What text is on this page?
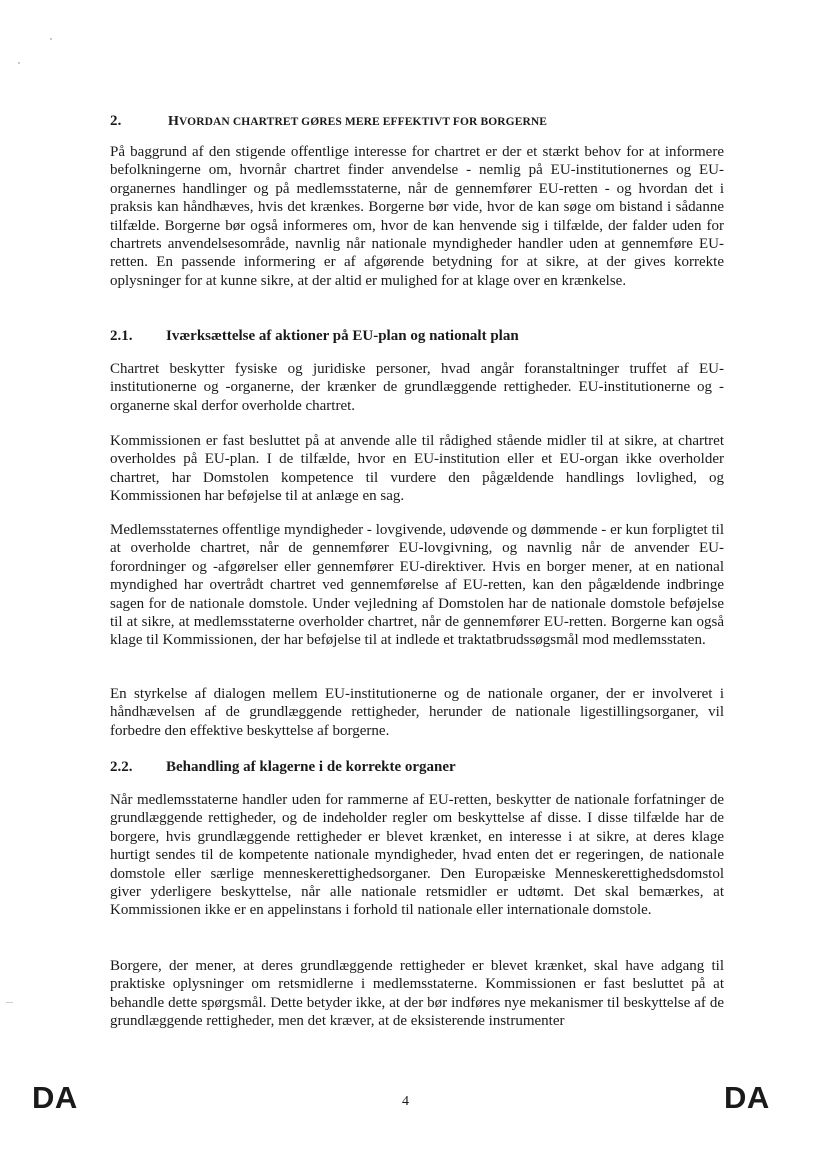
2.	HVORDAN CHARTRET GØRES MERE EFFEKTIVT FOR BORGERNE

På baggrund af den stigende offentlige interesse for chartret er der et stærkt behov for at informere befolkningerne om, hvornår chartret finder anvendelse - nemlig på EU-institutionernes og EU-organernes handlinger og på medlemsstaterne, når de gennemfører EU-retten - og hvordan det i praksis kan håndhæves, hvis det krænkes. Borgerne bør vide, hvor de kan søge om bistand i sådanne tilfælde. Borgerne bør også informeres om, hvor de kan henvende sig i tilfælde, der falder uden for chartrets anvendelsesområde, navnlig når nationale myndigheder handler uden at gennemføre EU-retten. En passende informering er af afgørende betydning for at sikre, at der gives korrekte oplysninger for at kunne sikre, at der altid er mulighed for at klage over en krænkelse.

2.1. Iværksættelse af aktioner på EU-plan og nationalt plan

Chartret beskytter fysiske og juridiske personer, hvad angår foranstaltninger truffet af EU-institutionerne og -organerne, der krænker de grundlæggende rettigheder. EU-institutionerne og -organerne skal derfor overholde chartret.

Kommissionen er fast besluttet på at anvende alle til rådighed stående midler til at sikre, at chartret overholdes på EU-plan. I de tilfælde, hvor en EU-institution eller et EU-organ ikke overholder chartret, har Domstolen kompetence til vurdere den pågældende handlings lovlighed, og Kommissionen har beføjelse til at anlæge en sag.

Medlemsstaternes offentlige myndigheder - lovgivende, udøvende og dømmende - er kun forpligtet til at overholde chartret, når de gennemfører EU-lovgivning, og navnlig når de anvender EU-forordninger og -afgørelser eller gennemfører EU-direktiver. Hvis en borger mener, at en national myndighed har overtrådt chartret ved gennemførelse af EU-retten, kan den pågældende indbringe sagen for de nationale domstole. Under vejledning af Domstolen har de nationale domstole beføjelse til at sikre, at medlemsstaterne overholder chartret, når de gennemfører EU-retten. Borgerne kan også klage til Kommissionen, der har beføjelse til at indlede et traktatbrudssøgsmål mod medlemsstaten.

En styrkelse af dialogen mellem EU-institutionerne og de nationale organer, der er involveret i håndhævelsen af de grundlæggende rettigheder, herunder de nationale ligestillingsorganer, vil forbedre den effektive beskyttelse af borgerne.

2.2. Behandling af klagerne i de korrekte organer

Når medlemsstaterne handler uden for rammerne af EU-retten, beskytter de nationale forfatninger de grundlæggende rettigheder, og de indeholder regler om beskyttelse af disse. I disse tilfælde har de borgere, hvis grundlæggende rettigheder er blevet krænket, en interesse i at sikre, at deres klage hurtigt sendes til de kompetente nationale myndigheder, hvad enten det er regeringen, de nationale domstole eller særlige menneskerettighedsorganer. Den Europæiske Menneskerettighedsdomstol giver yderligere beskyttelse, når alle nationale retsmidler er udtømt. Det skal bemærkes, at Kommissionen ikke er en appelinstans i forhold til nationale eller internationale domstole.

Borgere, der mener, at deres grundlæggende rettigheder er blevet krænket, skal have adgang til praktiske oplysninger om retsmidlerne i medlemsstaterne. Kommissionen er fast besluttet på at behandle dette spørgsmål. Dette betyder ikke, at der bør indføres nye mekanismer til beskyttelse af de grundlæggende rettigheder, men det kræver, at de eksisterende instrumenter

DA	4	DA
